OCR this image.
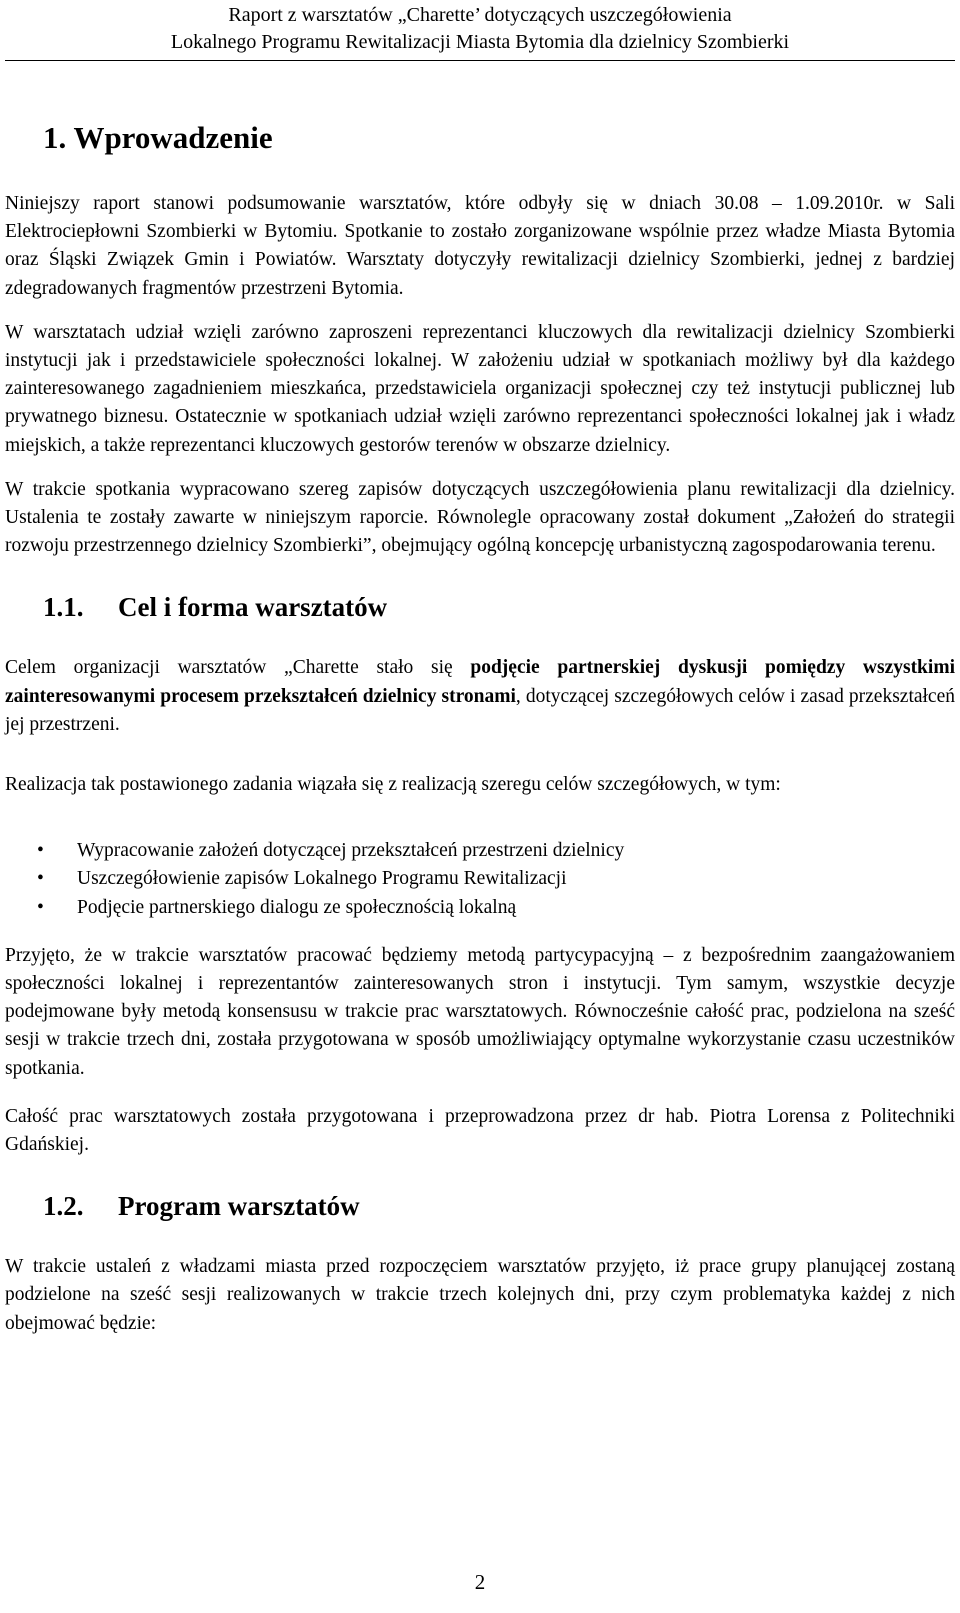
Raport z warsztatów „Charette’ dotyczących uszczegółowienia
Lokalnego Programu Rewitalizacji Miasta Bytomia dla dzielnicy Szombierki
1. Wprowadzenie

Niniejszy raport stanowi podsumowanie warsztatów, które odbyły się w dniach 30.08 – 1.09.2010r. w Sali Elektrociepłowni Szombierki w Bytomiu. Spotkanie to zostało zorganizowane wspólnie przez władze Miasta Bytomia oraz Śląski Związek Gmin i Powiatów. Warsztaty dotyczyły rewitalizacji dzielnicy Szombierki, jednej z bardziej zdegradowanych fragmentów przestrzeni Bytomia.

W warsztatach udział wzięli zarówno zaproszeni reprezentanci kluczowych dla rewitalizacji dzielnicy Szombierki instytucji jak i przedstawiciele społeczności lokalnej. W założeniu udział w spotkaniach możliwy był dla każdego zainteresowanego zagadnieniem mieszkańca, przedstawiciela organizacji społecznej czy też instytucji publicznej lub prywatnego biznesu. Ostatecznie w spotkaniach udział wzięli zarówno reprezentanci społeczności lokalnej jak i władz miejskich, a także reprezentanci kluczowych gestorów terenów w obszarze dzielnicy.

W trakcie spotkania wypracowano szereg zapisów dotyczących uszczegółowienia planu rewitalizacji dla dzielnicy. Ustalenia te zostały zawarte w niniejszym raporcie. Równolegle opracowany został dokument „Założeń do strategii rozwoju przestrzennego dzielnicy Szombierki”, obejmujący ogólną koncepcję urbanistyczną zagospodarowania terenu.

1.1. Cel i forma warsztatów

Celem organizacji warsztatów „Charette stało się podjęcie partnerskiej dyskusji pomiędzy wszystkimi zainteresowanymi procesem przekształceń dzielnicy stronami, dotyczącej szczegółowych celów i zasad przekształceń jej przestrzeni.

Realizacja tak postawionego zadania wiązała się z realizacją szeregu celów szczegółowych, w tym:

• Wypracowanie założeń dotyczącej przekształceń przestrzeni dzielnicy
• Uszczegółowienie zapisów Lokalnego Programu Rewitalizacji
• Podjęcie partnerskiego dialogu ze społecznością lokalną

Przyjęto, że w trakcie warsztatów pracować będziemy metodą partycypacyjną – z bezpośrednim zaangażowaniem społeczności lokalnej i reprezentantów zainteresowanych stron i instytucji. Tym samym, wszystkie decyzje podejmowane były metodą konsensusu w trakcie prac warsztatowych. Równocześnie całość prac, podzielona na sześć sesji w trakcie trzech dni, została przygotowana w sposób umożliwiający optymalne wykorzystanie czasu uczestników spotkania.

Całość prac warsztatowych została przygotowana i przeprowadzona przez dr hab. Piotra Lorensa z Politechniki Gdańskiej.

1.2. Program warsztatów

W trakcie ustaleń z władzami miasta przed rozpoczęciem warsztatów przyjęto, iż prace grupy planującej zostaną podzielone na sześć sesji realizowanych w trakcie trzech kolejnych dni, przy czym problematyka każdej z nich obejmować będzie:

2
